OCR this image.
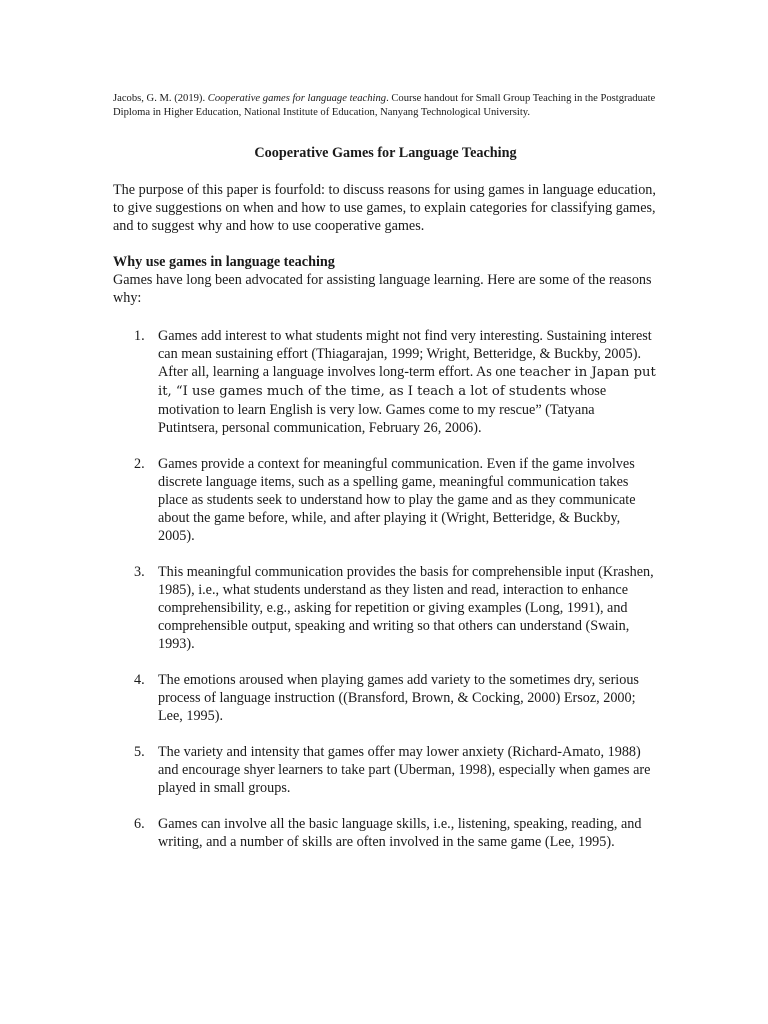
Jacobs, G. M. (2019). Cooperative games for language teaching. Course handout for Small Group Teaching in the Postgraduate Diploma in Higher Education, National Institute of Education, Nanyang Technological University.

Cooperative Games for Language Teaching

The purpose of this paper is fourfold: to discuss reasons for using games in language education, to give suggestions on when and how to use games, to explain categories for classifying games, and to suggest why and how to use cooperative games.

Why use games in language teaching

Games have long been advocated for assisting language learning. Here are some of the reasons why:

1. Games add interest to what students might not find very interesting. Sustaining interest can mean sustaining effort (Thiagarajan, 1999; Wright, Betteridge, & Buckby, 2005). After all, learning a language involves long-term effort. As one teacher in Japan put it, “I use games much of the time, as I teach a lot of students whose motivation to learn English is very low. Games come to my rescue” (Tatyana Putintsera, personal communication, February 26, 2006).
2. Games provide a context for meaningful communication. Even if the game involves discrete language items, such as a spelling game, meaningful communication takes place as students seek to understand how to play the game and as they communicate about the game before, while, and after playing it (Wright, Betteridge, & Buckby, 2005).
3. This meaningful communication provides the basis for comprehensible input (Krashen, 1985), i.e., what students understand as they listen and read, interaction to enhance comprehensibility, e.g., asking for repetition or giving examples (Long, 1991), and comprehensible output, speaking and writing so that others can understand (Swain, 1993).
4. The emotions aroused when playing games add variety to the sometimes dry, serious process of language instruction ((Bransford, Brown, & Cocking, 2000) Ersoz, 2000; Lee, 1995).
5. The variety and intensity that games offer may lower anxiety (Richard-Amato, 1988) and encourage shyer learners to take part (Uberman, 1998), especially when games are played in small groups.
6. Games can involve all the basic language skills, i.e., listening, speaking, reading, and writing, and a number of skills are often involved in the same game (Lee, 1995).
